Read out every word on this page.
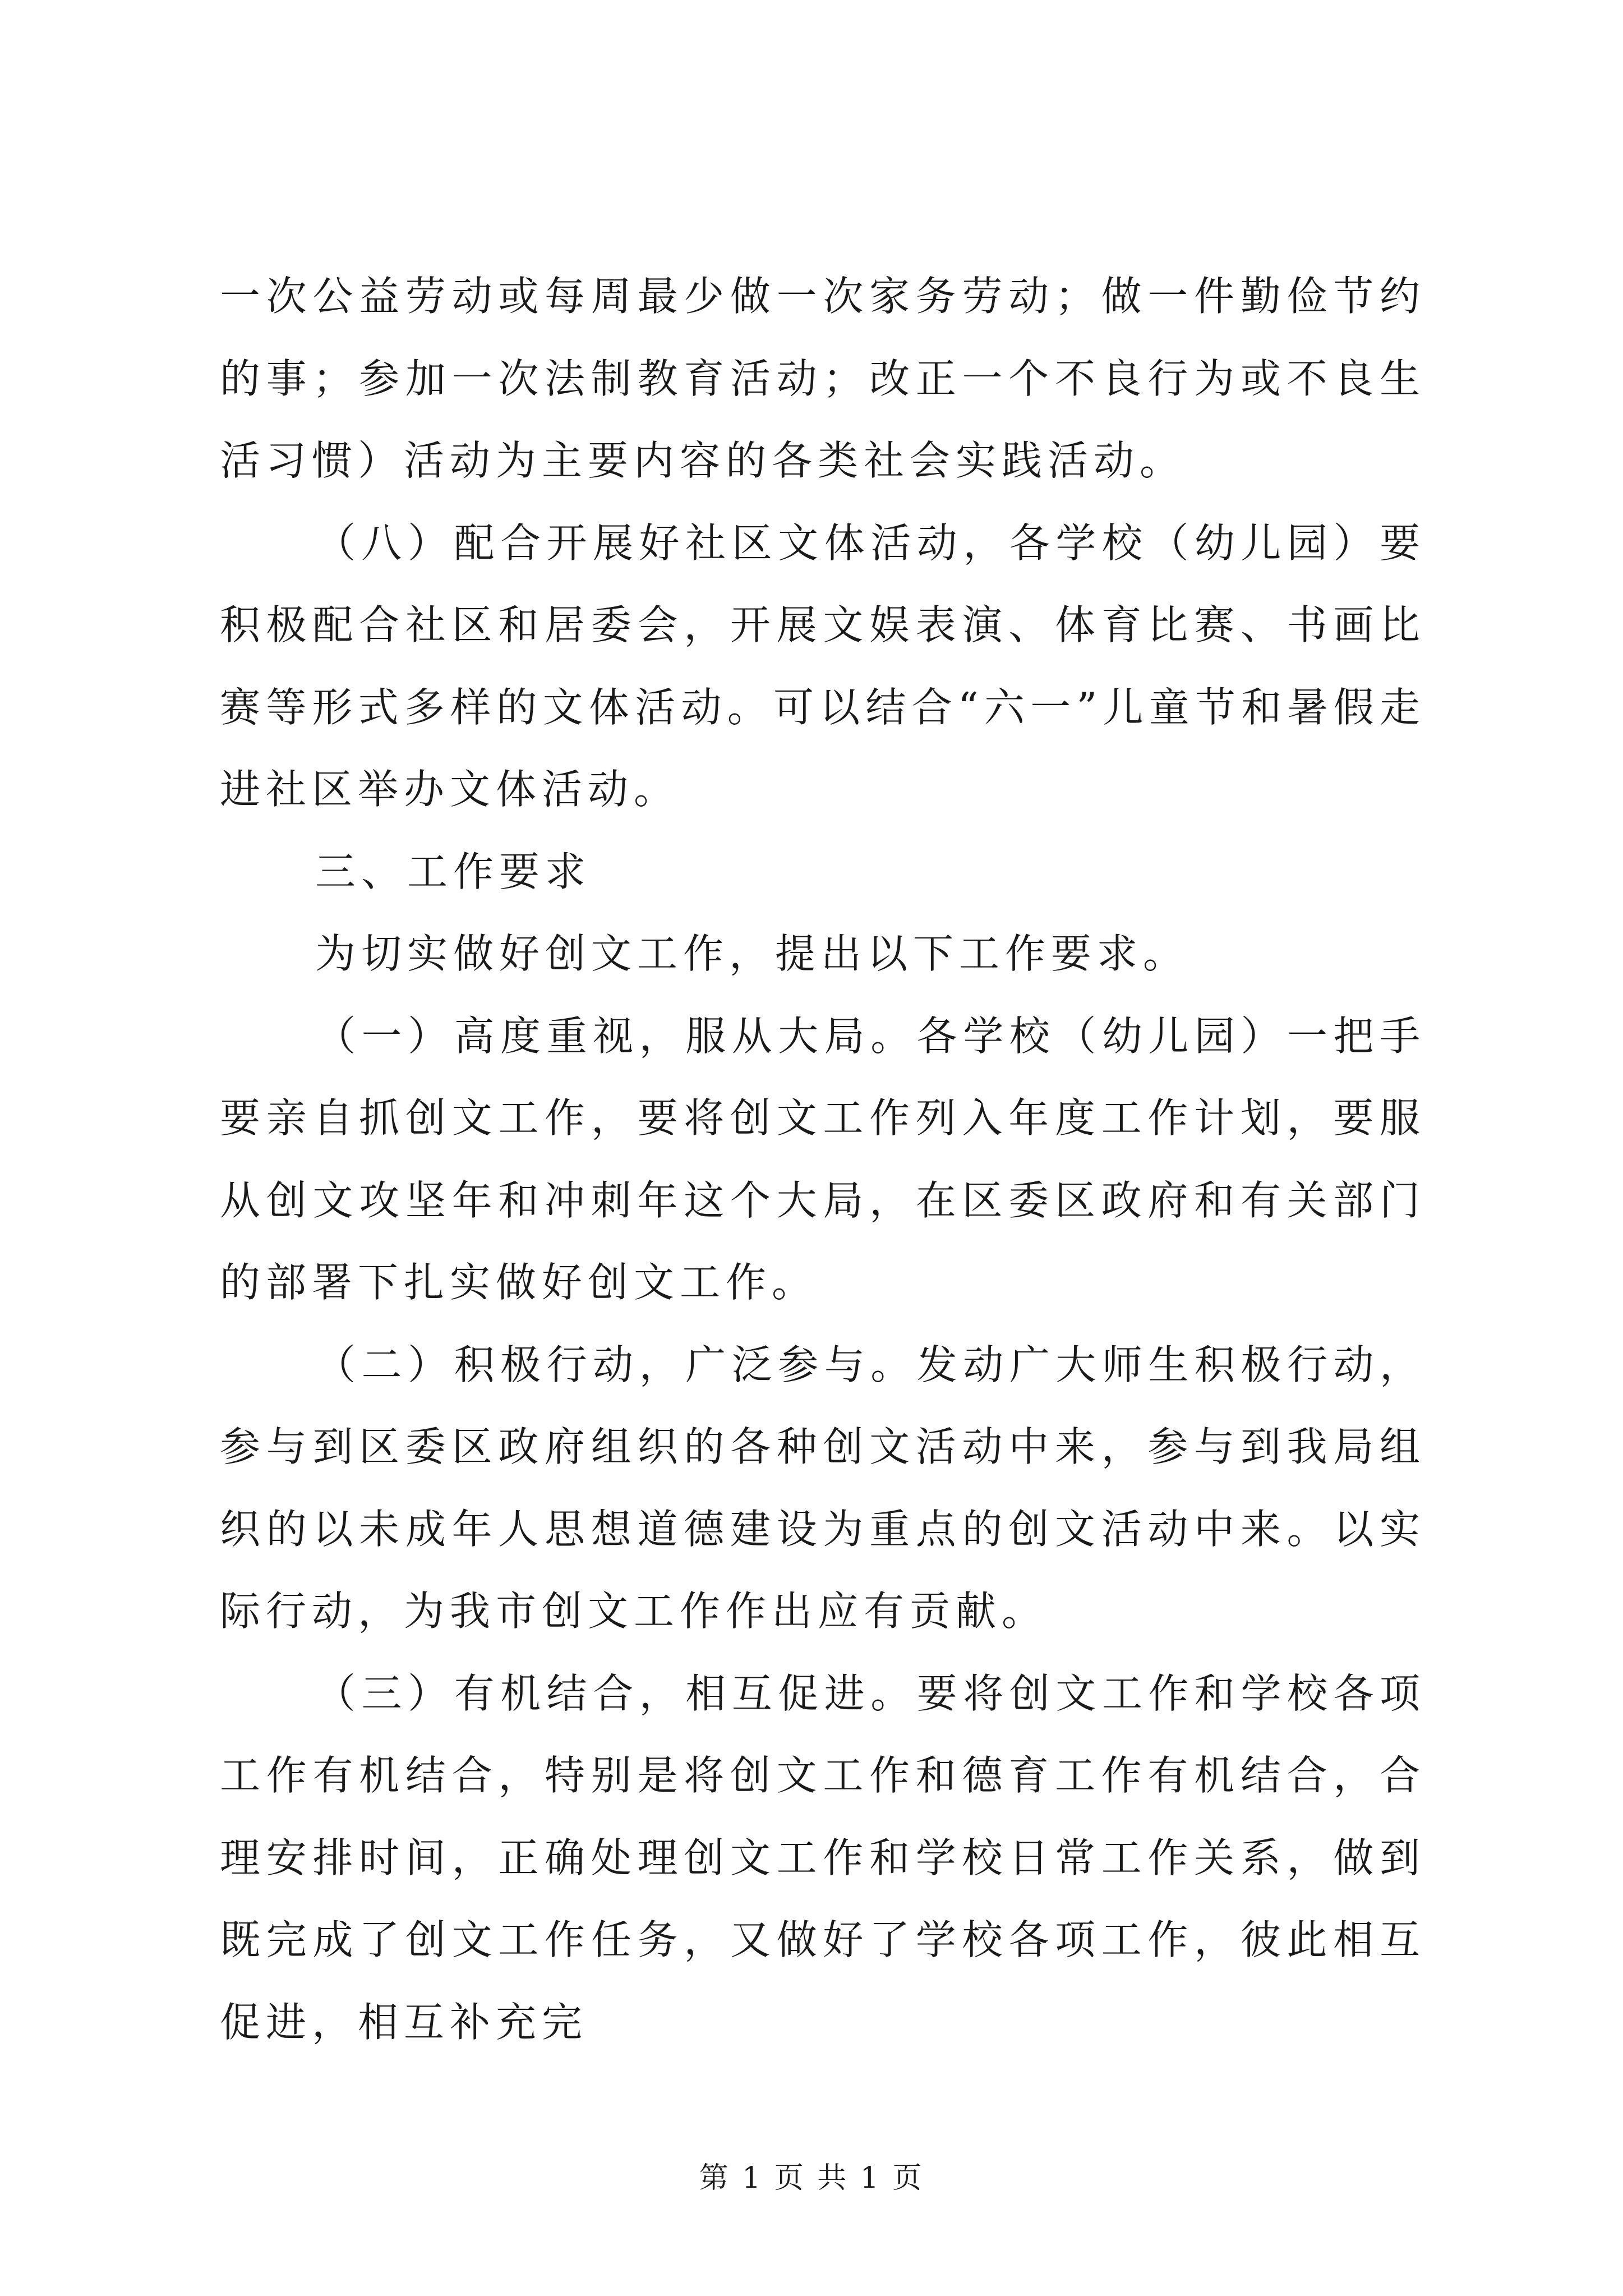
一次公益劳动或每周最少做一次家务劳动；做一件勤俭节约的事；参加一次法制教育活动；改正一个不良行为或不良生活习惯）活动为主要内容的各类社会实践活动。

（八）配合开展好社区文体活动，各学校（幼儿园）要积极配合社区和居委会，开展文娱表演、体育比赛、书画比赛等形式多样的文体活动。可以结合“六一”儿童节和暑假走进社区举办文体活动。

三、工作要求

为切实做好创文工作，提出以下工作要求。

（一）高度重视，服从大局。各学校（幼儿园）一把手要亲自抓创文工作，要将创文工作列入年度工作计划，要服从创文攻坚年和冲刺年这个大局，在区委区政府和有关部门的部署下扎实做好创文工作。

（二）积极行动，广泛参与。发动广大师生积极行动，参与到区委区政府组织的各种创文活动中来，参与到我局组织的以未成年人思想道德建设为重点的创文活动中来。以实际行动，为我市创文工作作出应有贡献。

（三）有机结合，相互促进。要将创文工作和学校各项工作有机结合，特别是将创文工作和德育工作有机结合，合理安排时间，正确处理创文工作和学校日常工作关系，做到既完成了创文工作任务，又做好了学校各项工作，彼此相互促进，相互补充完

第 1 页 共 1 页
